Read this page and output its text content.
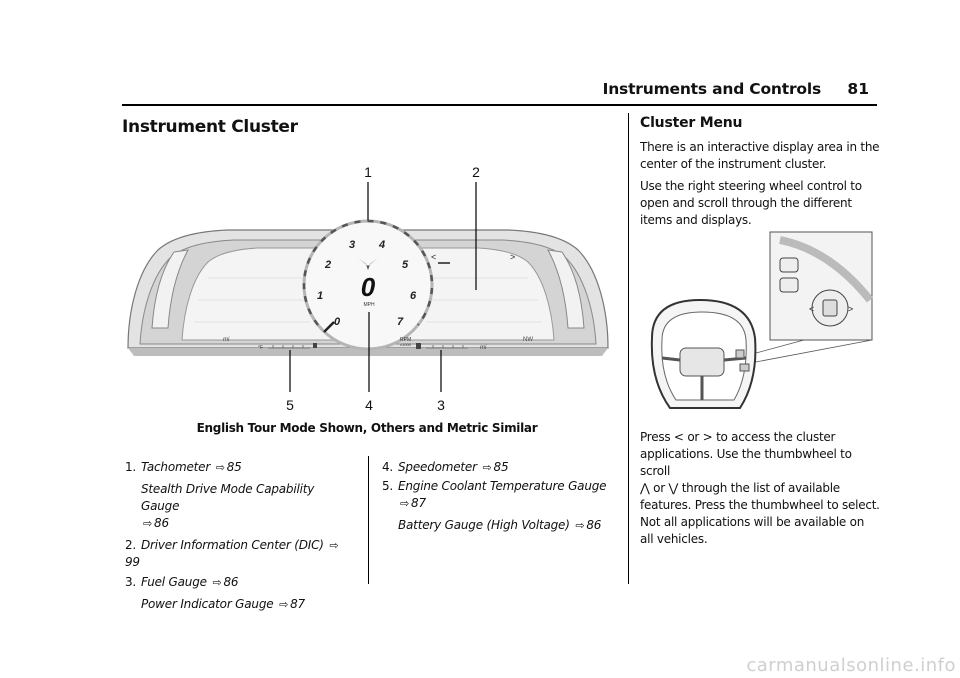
Instruments and Controls 81
Instrument Cluster
0
1
2
3 4
5
6
7
0
MPH
RPM
x1000
<	>
mi
°F	mi
NW
1	2
3
4
5
English Tour Mode Shown, Others and Metric Similar
1. Tachometer ⇨ 85
Stealth Drive Mode Capability Gauge
⇨ 86
2. Driver Information Center (DIC) ⇨99
3. Fuel Gauge ⇨ 86
Power Indicator Gauge ⇨ 87
4. Speedometer ⇨ 85
5. Engine Coolant Temperature Gauge
⇨ 87
Battery Gauge (High Voltage) ⇨ 86
Cluster Menu
There is an interactive display area in the center of the instrument cluster.
Use the right steering wheel control to open and scroll through the different items and displays.
<	>
Press < or > to access the cluster applications. Use the thumbwheel to scroll
⋀ or ⋁ through the list of available features. Press the thumbwheel to select. Not all applications will be available on all vehicles.
carmanualsonline.info
